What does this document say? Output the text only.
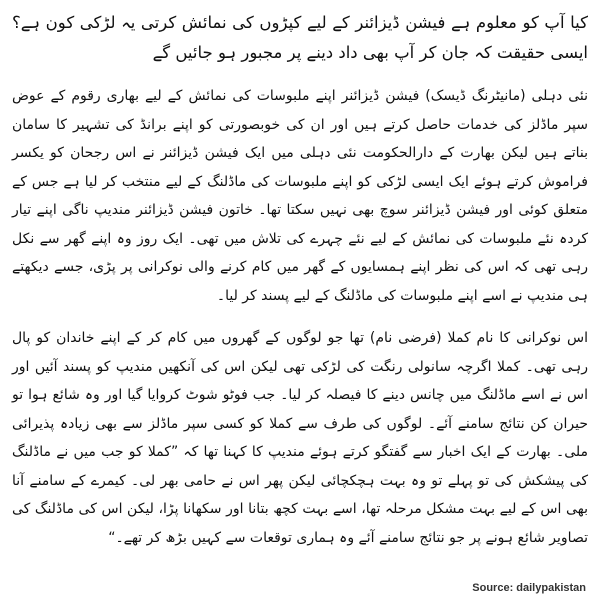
کیا آپ کو معلوم ہے فیشن ڈیزائنر کے لیے کپڑوں کی نمائش کرتی یہ لڑکی کون ہے؟ ایسی حقیقت کہ جان کر آپ بھی داد دینے پر مجبور ہو جائیں گے

نئی دہلی (مانیٹرنگ ڈیسک) فیشن ڈیزائنر اپنے ملبوسات کی نمائش کے لیے بھاری رقوم کے عوض سپر ماڈلز کی خدمات حاصل کرتے ہیں اور ان کی خوبصورتی کو اپنے برانڈ کی تشہیر کا سامان بناتے ہیں لیکن بھارت کے دارالحکومت نئی دہلی میں ایک فیشن ڈیزائنر نے اس رجحان کو یکسر فراموش کرتے ہوئے ایک ایسی لڑکی کو اپنے ملبوسات کی ماڈلنگ کے لیے منتخب کر لیا ہے جس کے متعلق کوئی اور فیشن ڈیزائنر سوچ بھی نہیں سکتا تھا۔ خاتون فیشن ڈیزائنر مندیپ ناگی اپنے تیار کردہ نئے ملبوسات کی نمائش کے لیے نئے چہرے کی تلاش میں تھی۔ ایک روز وہ اپنے گھر سے نکل رہی تھی کہ اس کی نظر اپنے ہمسایوں کے گھر میں کام کرنے والی نوکرانی پر پڑی، جسے دیکھتے ہی مندیپ نے اسے اپنے ملبوسات کی ماڈلنگ کے لیے پسند کر لیا۔

اس نوکرانی کا نام کملا (فرضی نام) تھا جو لوگوں کے گھروں میں کام کر کے اپنے خاندان کو پال رہی تھی۔ کملا اگرچہ سانولی رنگت کی لڑکی تھی لیکن اس کی آنکھیں مندیپ کو پسند آئیں اور اس نے اسے ماڈلنگ میں چانس دینے کا فیصلہ کر لیا۔ جب فوٹو شوٹ کروایا گیا اور وہ شائع ہوا تو حیران کن نتائج سامنے آئے۔ لوگوں کی طرف سے کملا کو کسی سپر ماڈلز سے بھی زیادہ پذیرائی ملی۔ بھارت کے ایک اخبار سے گفتگو کرتے ہوئے مندیپ کا کہنا تھا کہ ”کملا کو جب میں نے ماڈلنگ کی پیشکش کی تو پہلے تو وہ بہت ہچکچائی لیکن پھر اس نے حامی بھر لی۔ کیمرے کے سامنے آنا بھی اس کے لیے بہت مشکل مرحلہ تھا، اسے بہت کچھ بتانا اور سکھانا پڑا، لیکن اس کی ماڈلنگ کی تصاویر شائع ہونے پر جو نتائج سامنے آئے وہ ہماری توقعات سے کہیں بڑھ کر تھے۔“

Source: dailypakistan
